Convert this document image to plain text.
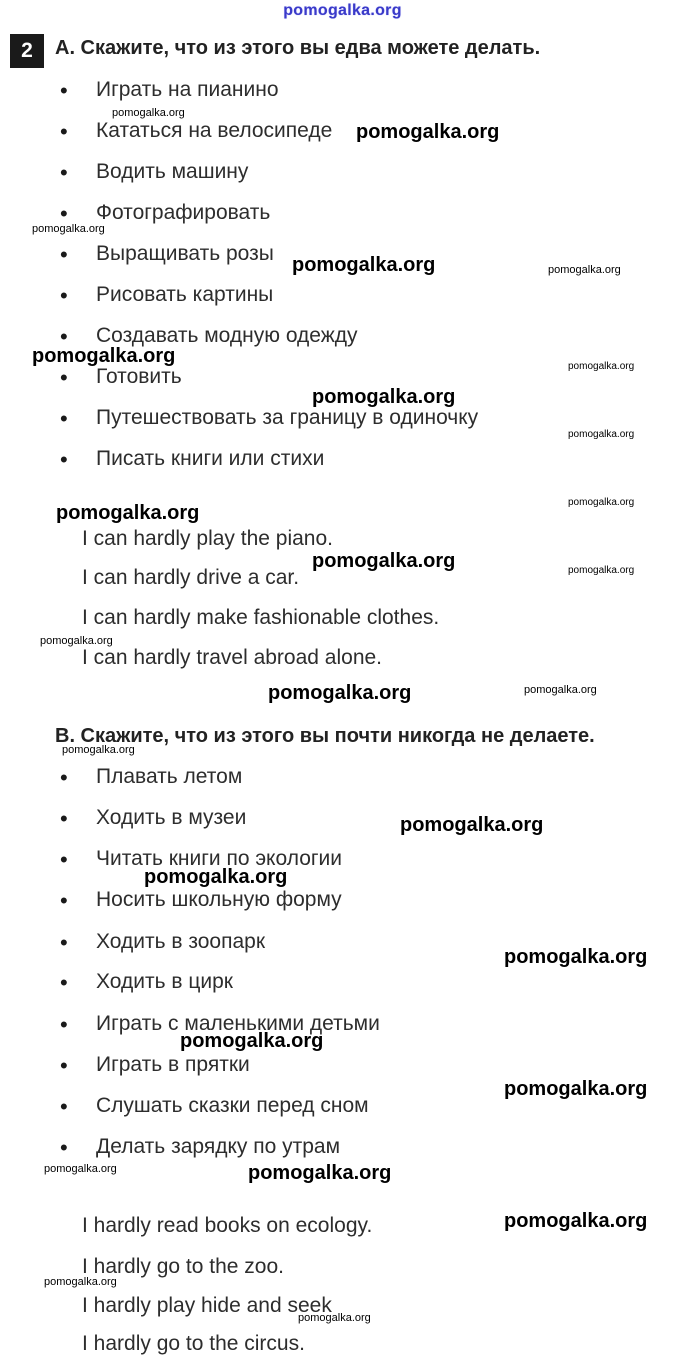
pomogalka.org
2	A. Скажите, что из этого вы едва можете делать.
• Играть на пианино
• Кататься на велосипеде
• Водить машину
• Фотографировать
• Выращивать розы
• Рисовать картины
• Создавать модную одежду
• Готовить
• Путешествовать за границу в одиночку
• Писать книги или стихи
I can hardly play the piano.
I can hardly drive a car.
I can hardly make fashionable clothes.
I can hardly travel abroad alone.
B. Скажите, что из этого вы почти никогда не делаете.
• Плавать летом
• Ходить в музеи
• Читать книги по экологии
• Носить школьную форму
• Ходить в зоопарк
• Ходить в цирк
• Играть с маленькими детьми
• Играть в прятки
• Слушать сказки перед сном
• Делать зарядку по утрам
I hardly read books on ecology.
I hardly go to the zoo.
I hardly play hide and seek
I hardly go to the circus.
pomogalka.org
pomogalka.org
pomogalka.org
pomogalka.org	pomogalka.org
pomogalka.org	pomogalka.org
pomogalka.org
pomogalka.org
pomogalka.org
pomogalka.org
pomogalka.org	pomogalka.org
pomogalka.org
pomogalka.org	pomogalka.org
pomogalka.org
pomogalka.org
pomogalka.org
pomogalka.org
pomogalka.org
pomogalka.org
pomogalka.org	pomogalka.org
pomogalka.org
pomogalka.org
pomogalka.org
